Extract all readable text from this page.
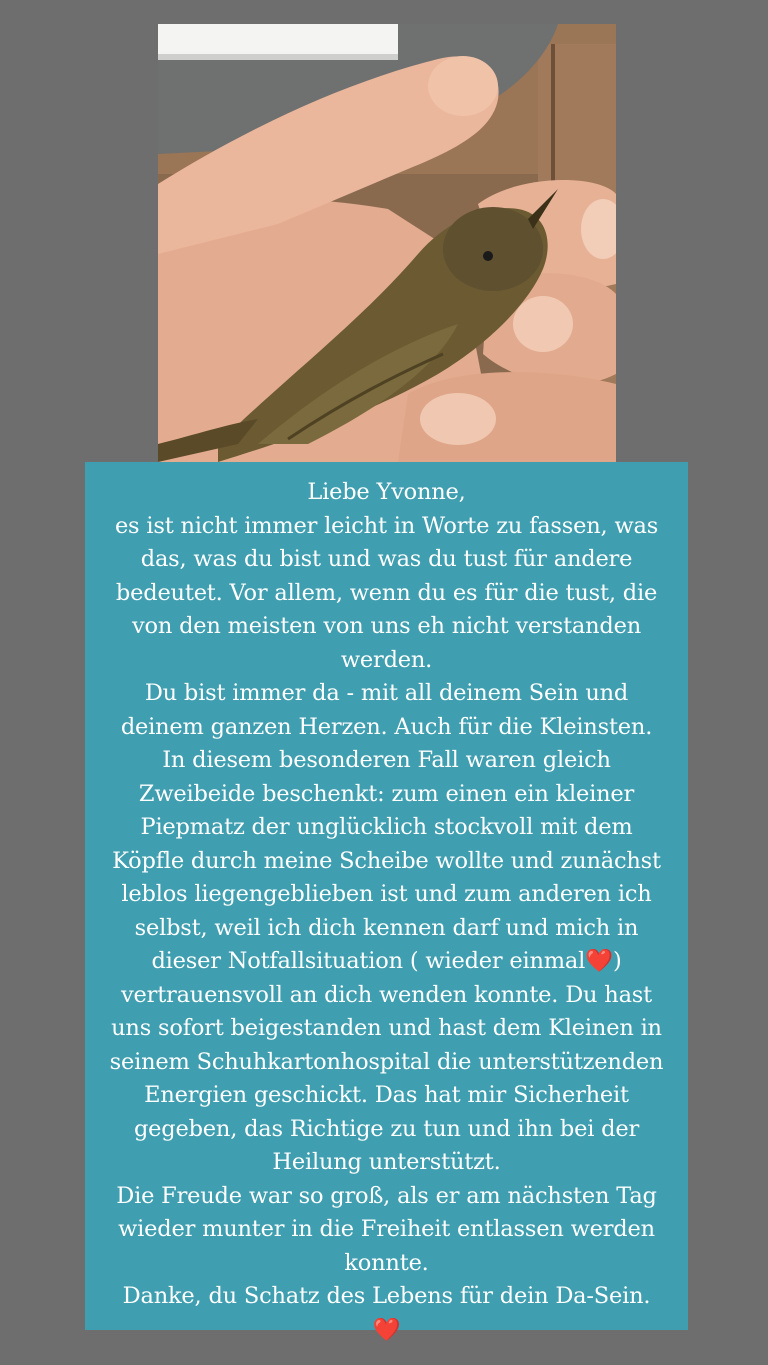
Liebe Yvonne,
es ist nicht immer leicht in Worte zu fassen, was
das, was du bist und was du tust für andere
bedeutet. Vor allem, wenn du es für die tust, die
von den meisten von uns eh nicht verstanden
werden.
Du bist immer da - mit all deinem Sein und
deinem ganzen Herzen. Auch für die Kleinsten.
In diesem besonderen Fall waren gleich
Zweibeide beschenkt: zum einen ein kleiner
Piepmatz der unglücklich stockvoll mit dem
Köpfle durch meine Scheibe wollte und zunächst
leblos liegengeblieben ist und zum anderen ich
selbst, weil ich dich kennen darf und mich in
dieser Notfallsituation ( wieder einmal❤️)
vertrauensvoll an dich wenden konnte. Du hast
uns sofort beigestanden und hast dem Kleinen in
seinem Schuhkartonhospital die unterstützenden
Energien geschickt. Das hat mir Sicherheit
gegeben, das Richtige zu tun und ihn bei der
Heilung unterstützt.
Die Freude war so groß, als er am nächsten Tag
wieder munter in die Freiheit entlassen werden
konnte.
Danke, du Schatz des Lebens für dein Da-Sein.
❤️
